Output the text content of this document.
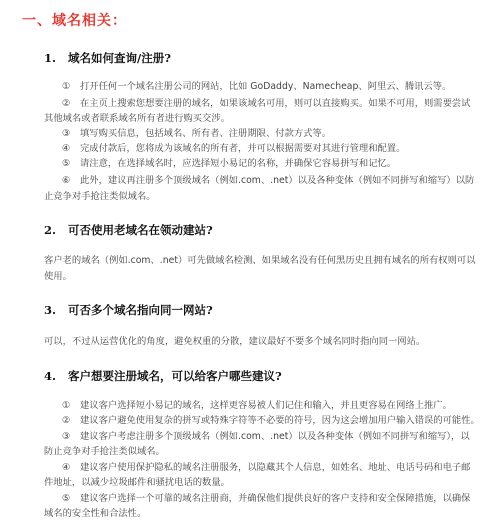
一、域名相关：
1. 域名如何查询/注册?
① 打开任何一个域名注册公司的网站，比如 GoDaddy、Namecheap、阿里云、腾讯云等。
② 在主页上搜索您想要注册的域名，如果该域名可用，则可以直接购买。如果不可用，则需要尝试
其他域名或者联系域名所有者进行购买交涉。
③ 填写购买信息，包括域名、所有者、注册期限、付款方式等。
④ 完成付款后，您将成为该域名的所有者，并可以根据需要对其进行管理和配置。
⑤ 请注意，在选择域名时，应选择短小易记的名称，并确保它容易拼写和记忆。
⑥ 此外，建议再注册多个顶级域名（例如.com、.net）以及各种变体（例如不同拼写和缩写）以防
止竞争对手抢注类似域名。
2. 可否使用老域名在领动建站?
客户老的域名（例如.com、.net）可先做域名检测、如果域名没有任何黑历史且拥有域名的所有权则可以
使用。
3. 可否多个域名指向同一网站?
可以，不过从运营优化的角度，避免权重的分散，建议最好不要多个域名同时指向同一网站。
4. 客户想要注册域名，可以给客户哪些建议?
① 建议客户选择短小易记的域名，这样更容易被人们记住和输入，并且更容易在网络上推广。
② 建议客户避免使用复杂的拼写或特殊字符等不必要的符号，因为这会增加用户输入错误的可能性。
③ 建议客户考虑注册多个顶级域名（例如.com、.net）以及各种变体（例如不同拼写和缩写），以
防止竞争对手抢注类似域名。
④ 建议客户使用保护隐私的域名注册服务，以隐藏其个人信息，如姓名、地址、电话号码和电子邮
件地址，以减少垃圾邮件和骚扰电话的数量。
⑤ 建议客户选择一个可靠的域名注册商，并确保他们提供良好的客户支持和安全保障措施，以确保
域名的安全性和合法性。
